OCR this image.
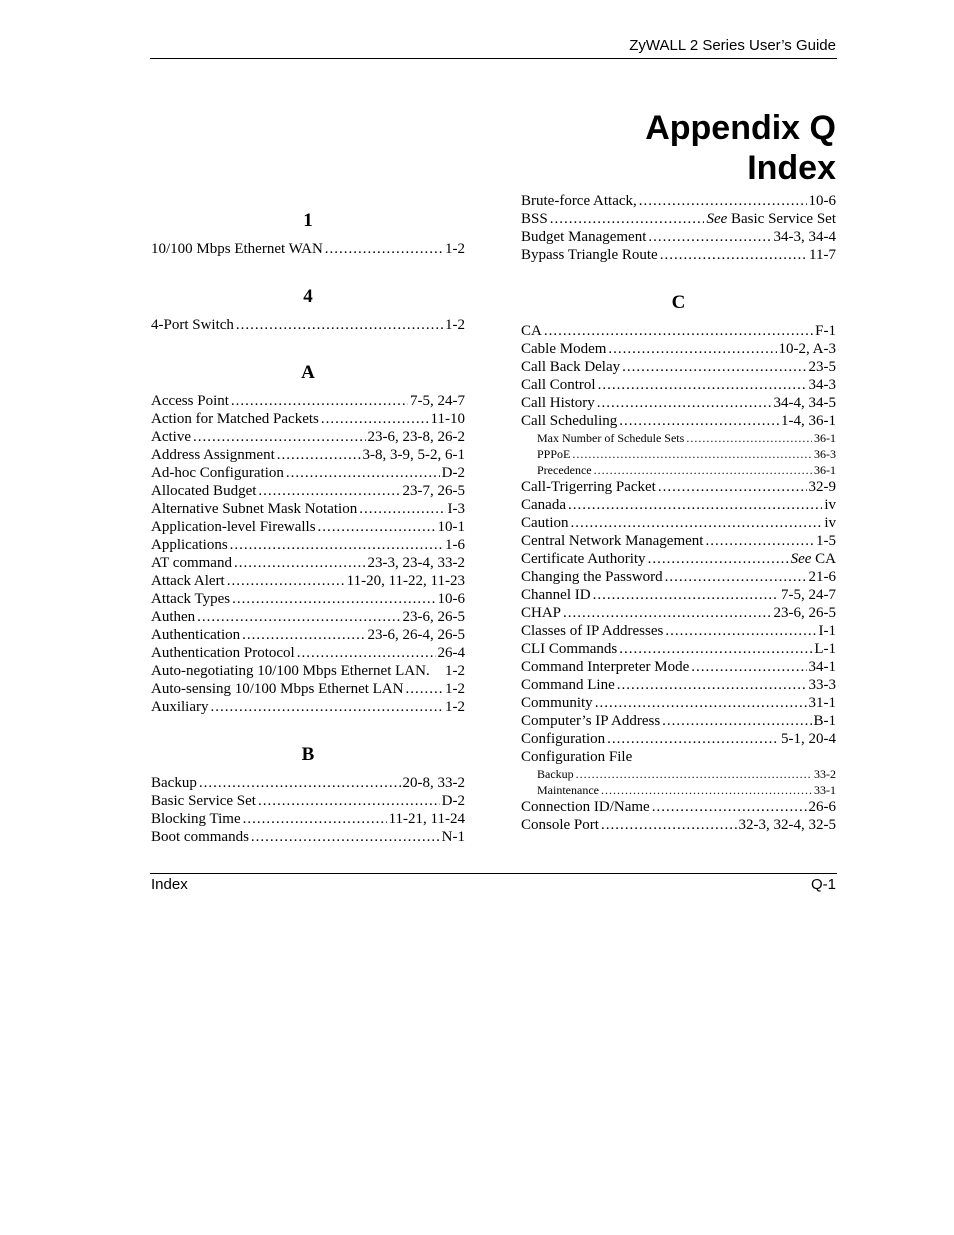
ZyWALL 2 Series User’s Guide
Appendix Q
Index
1
10/100 Mbps Ethernet WAN .....	1-2
4
4-Port Switch .....	1-2
A
Access Point .....	7-5, 24-7
Action for Matched Packets .....	11-10
Active .....	23-6, 23-8, 26-2
Address Assignment .....	3-8, 3-9, 5-2, 6-1
Ad-hoc Configuration .....	D-2
Allocated Budget .....	23-7, 26-5
Alternative Subnet Mask Notation .....	I-3
Application-level Firewalls .....	10-1
Applications .....	1-6
AT command .....	23-3, 23-4, 33-2
Attack Alert .....	11-20, 11-22, 11-23
Attack Types .....	10-6
Authen .....	23-6, 26-5
Authentication .....	23-6, 26-4, 26-5
Authentication Protocol .....	26-4
Auto-negotiating 10/100 Mbps Ethernet LAN. 1-2
Auto-sensing 10/100 Mbps Ethernet LAN .....	1-2
Auxiliary .....	1-2
B
Backup .....	20-8, 33-2
Basic Service Set .....	D-2
Blocking Time .....	11-21, 11-24
Boot commands .....	N-1
Brute-force Attack, .....	10-6
BSS .....	See Basic Service Set
Budget Management .....	34-3, 34-4
Bypass Triangle Route .....	11-7
C
CA .....	F-1
Cable Modem .....	10-2, A-3
Call Back Delay .....	23-5
Call Control .....	34-3
Call History .....	34-4, 34-5
Call Scheduling .....	1-4, 36-1
Max Number of Schedule Sets .....	36-1
PPPoE .....	36-3
Precedence .....	36-1
Call-Trigerring Packet .....	32-9
Canada .....	iv
Caution .....	iv
Central Network Management .....	1-5
Certificate Authority .....	See CA
Changing the Password .....	21-6
Channel ID .....	7-5, 24-7
CHAP .....	23-6, 26-5
Classes of IP Addresses .....	I-1
CLI Commands .....	L-1
Command Interpreter Mode .....	34-1
Command Line .....	33-3
Community .....	31-1
Computer’s IP Address .....	B-1
Configuration .....	5-1, 20-4
Configuration File
Backup .....	33-2
Maintenance .....	33-1
Connection ID/Name .....	26-6
Console Port .....	32-3, 32-4, 32-5
Index	Q-1
